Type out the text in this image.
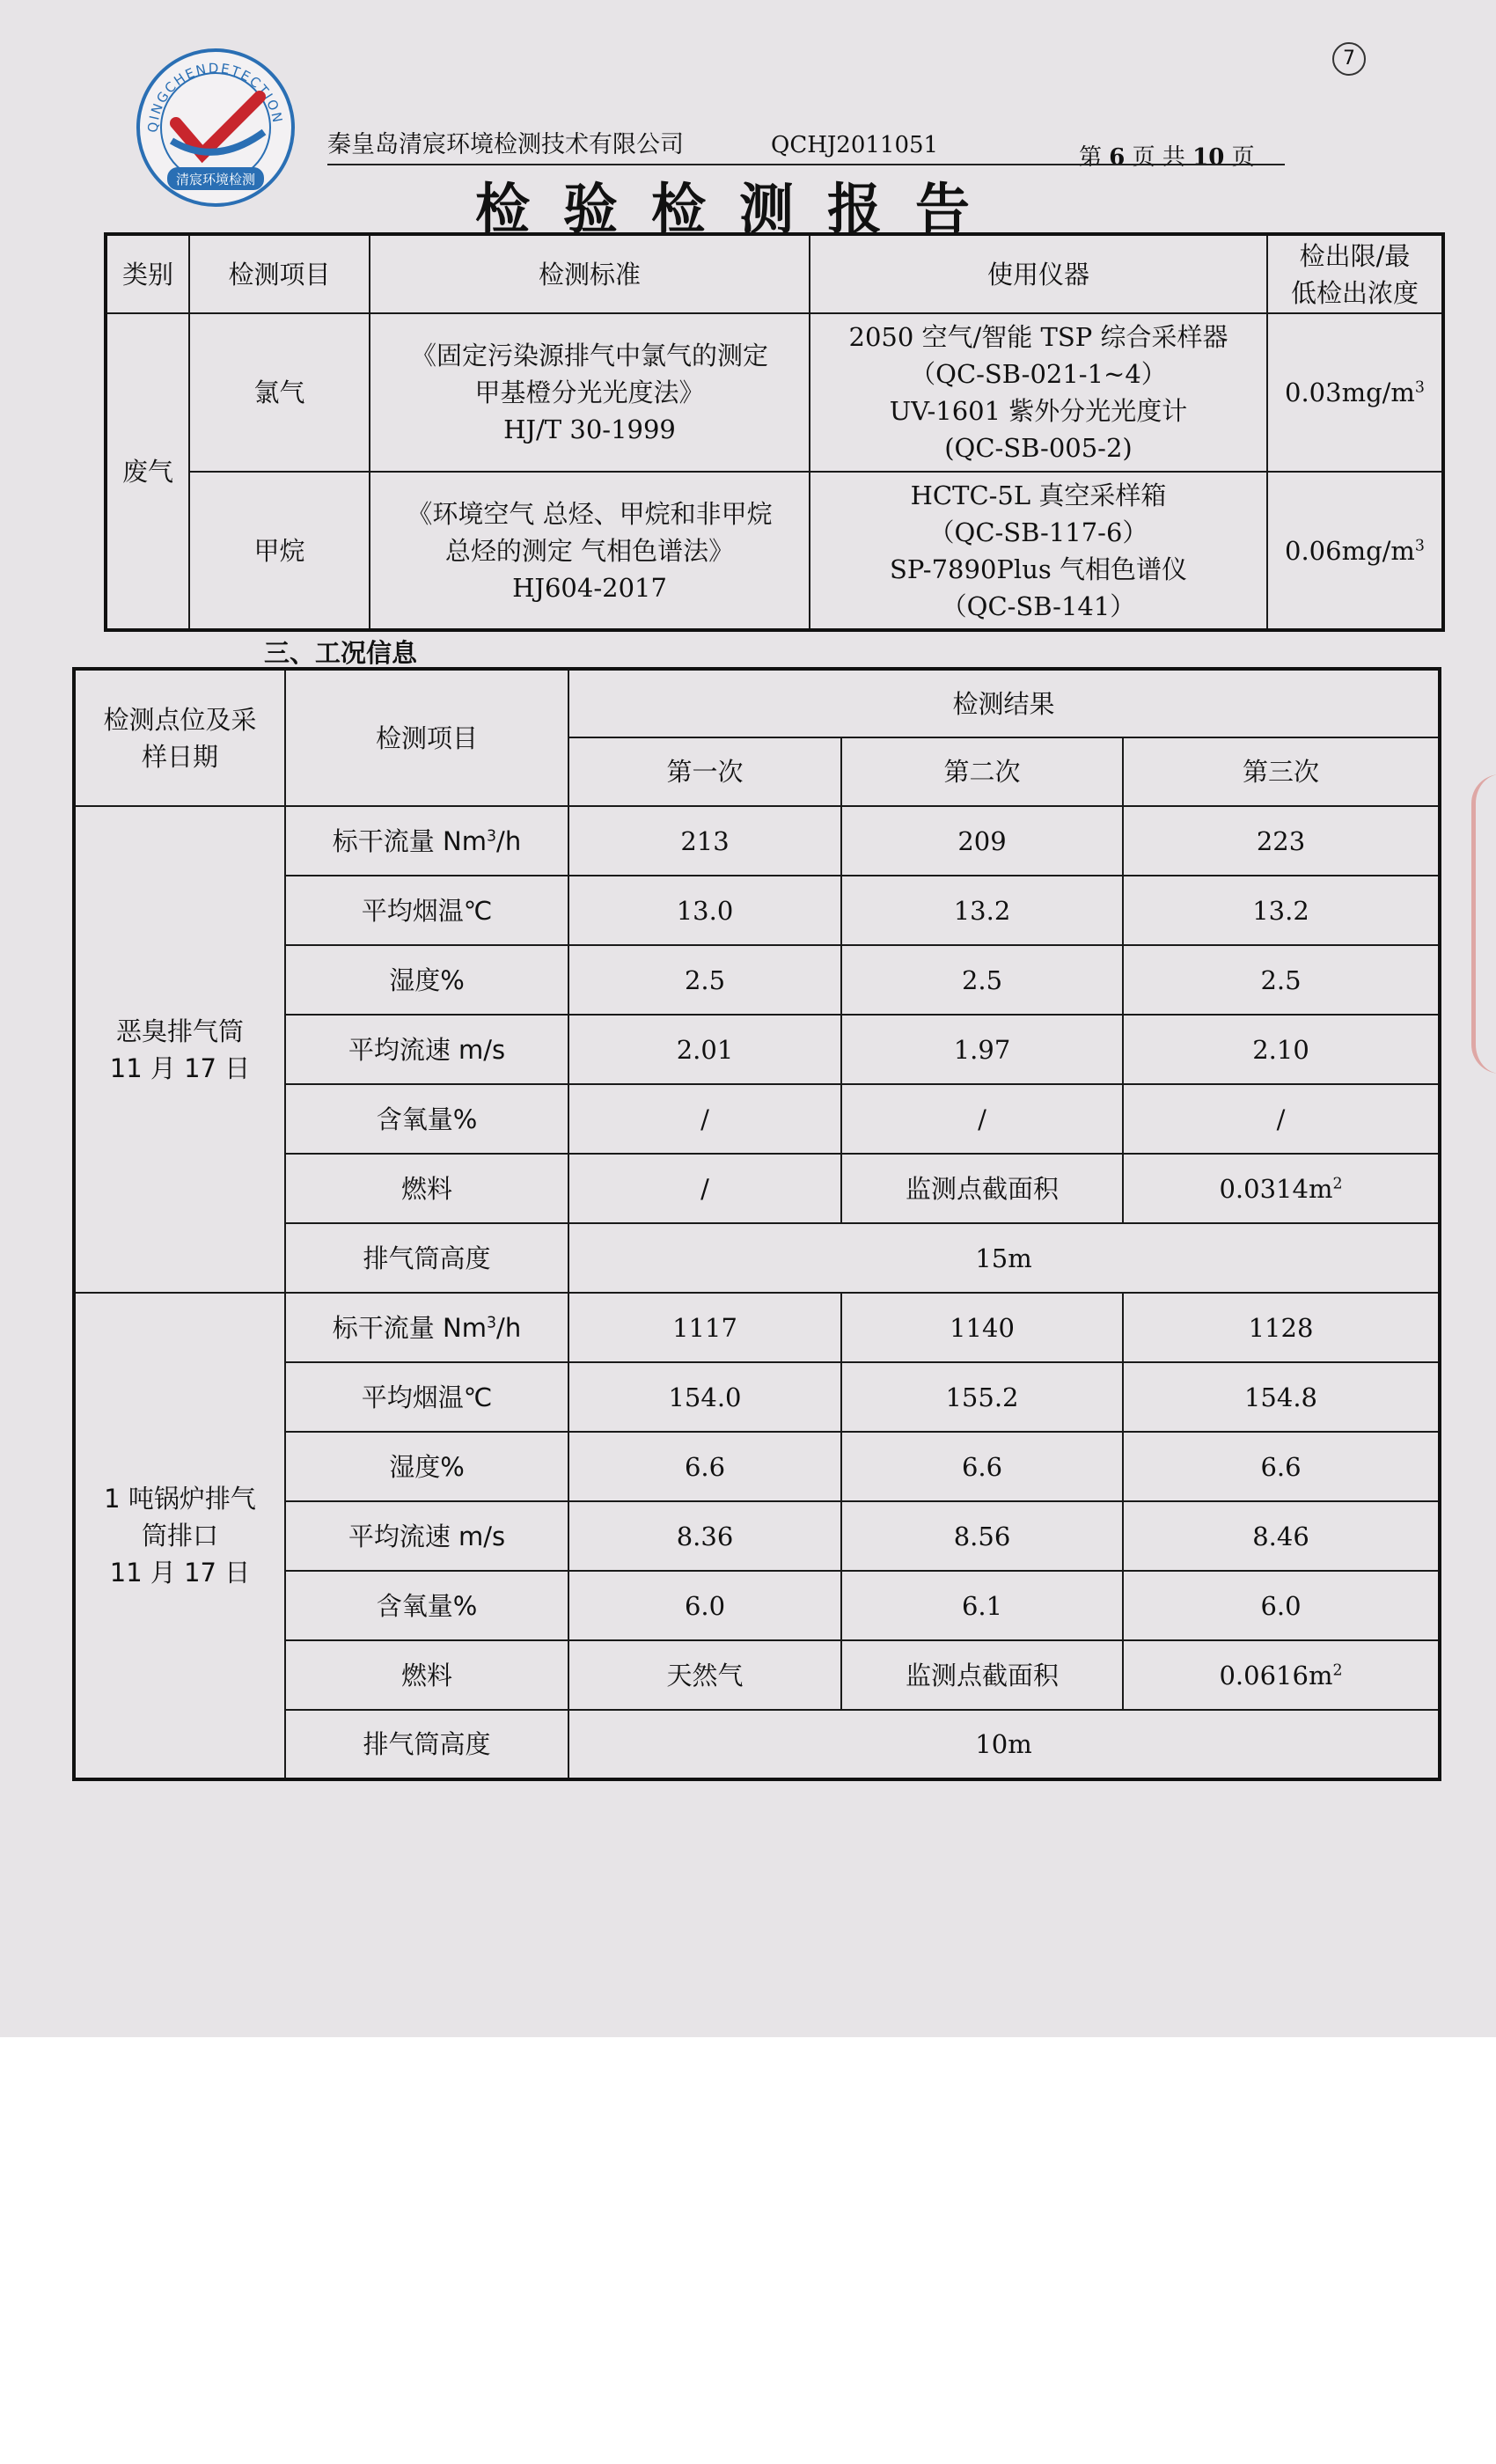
7
QINGCHENDETECTION
清宸环境检测
秦皇岛清宸环境检测技术有限公司	QCHJ2011051	第 6 页 共 10 页
检验检测报告
类别	检测项目	检测标准	使用仪器	检出限/最
低检出浓度
废气	氯气	《固定污染源排气中氯气的测定
甲基橙分光光度法》
HJ/T 30-1999	2050 空气/智能 TSP 综合采样器
（QC-SB-021-1~4）
UV-1601 紫外分光光度计
(QC-SB-005-2)	$0.03mg/m^3$
	甲烷	《环境空气 总烃、甲烷和非甲烷
总烃的测定 气相色谱法》
HJ604-2017	HCTC-5L 真空采样箱
（QC-SB-117-6）
SP-7890Plus 气相色谱仪
（QC-SB-141）	$0.06mg/m^3$
三、工况信息
检测点位及采
样日期	检测项目	检测结果		
		第一次	第二次	第三次
恶臭排气筒
11 月 17 日	标干流量 Nm$^3$/h	213	209	223
	平均烟温℃	13.0	13.2	13.2
	湿度%	2.5	2.5	2.5
	平均流速 m/s	2.01	1.97	2.10
	含氧量%	/	/	/
	燃料	/	监测点截面积	$0.0314m^2$
	排气筒高度	15m		
1 吨锅炉排气
筒排口
11 月 17 日	标干流量 Nm$^3$/h	1117	1140	1128
	平均烟温℃	154.0	155.2	154.8
	湿度%	6.6	6.6	6.6
	平均流速 m/s	8.36	8.56	8.46
	含氧量%	6.0	6.1	6.0
	燃料	天然气	监测点截面积	$0.0616m^2$
	排气筒高度	10m		
